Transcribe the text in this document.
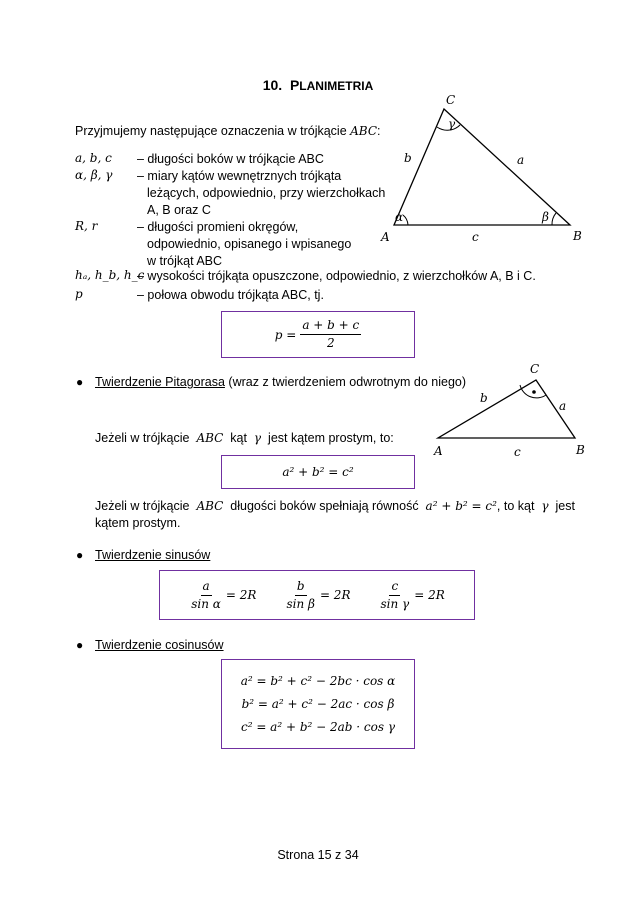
10. PLANIMETRIA
Przyjmujemy następujące oznaczenia w trójkącie ABC:
a, b, c – długości boków w trójkącie ABC
α, β, γ – miary kątów wewnętrznych trójkąta
leżących, odpowiednio, przy wierzchołkach
A, B oraz C
R, r	– długości promieni okręgów,
odpowiednio, opisanego i wpisanego
w trójkąt ABC
hₐ, h_b, h_c
– wysokości trójkąta opuszczone, odpowiednio, z wierzchołków A, B i C.
p	– połowa obwodu trójkąta ABC, tj.
C
A	B
b	a
c
α	β
γ
$p = \frac{a + b + c}{2}$
● Twierdzenie Pitagorasa (wraz z twierdzeniem odwrotnym do niego)
Jeżeli w trójkącie ABC kąt γ jest kątem prostym, to:
a² + b² = c²
Jeżeli w trójkącie ABC długości boków spełniają równość a² + b² = c², to kąt γ jest
kątem prostym.
C
A	B
b
a
c
● Twierdzenie sinusów
$\frac{a}{\text{sin α}} = 2R \frac{b}{\text{sin β}} = 2R \frac{c}{\text{sin γ}} = 2R$
● Twierdzenie cosinusów
a² = b² + c² − 2bc · cos α
b² = a² + c² − 2ac · cos β
c² = a² + b² − 2ab · cos γ
Strona 15 z 34
